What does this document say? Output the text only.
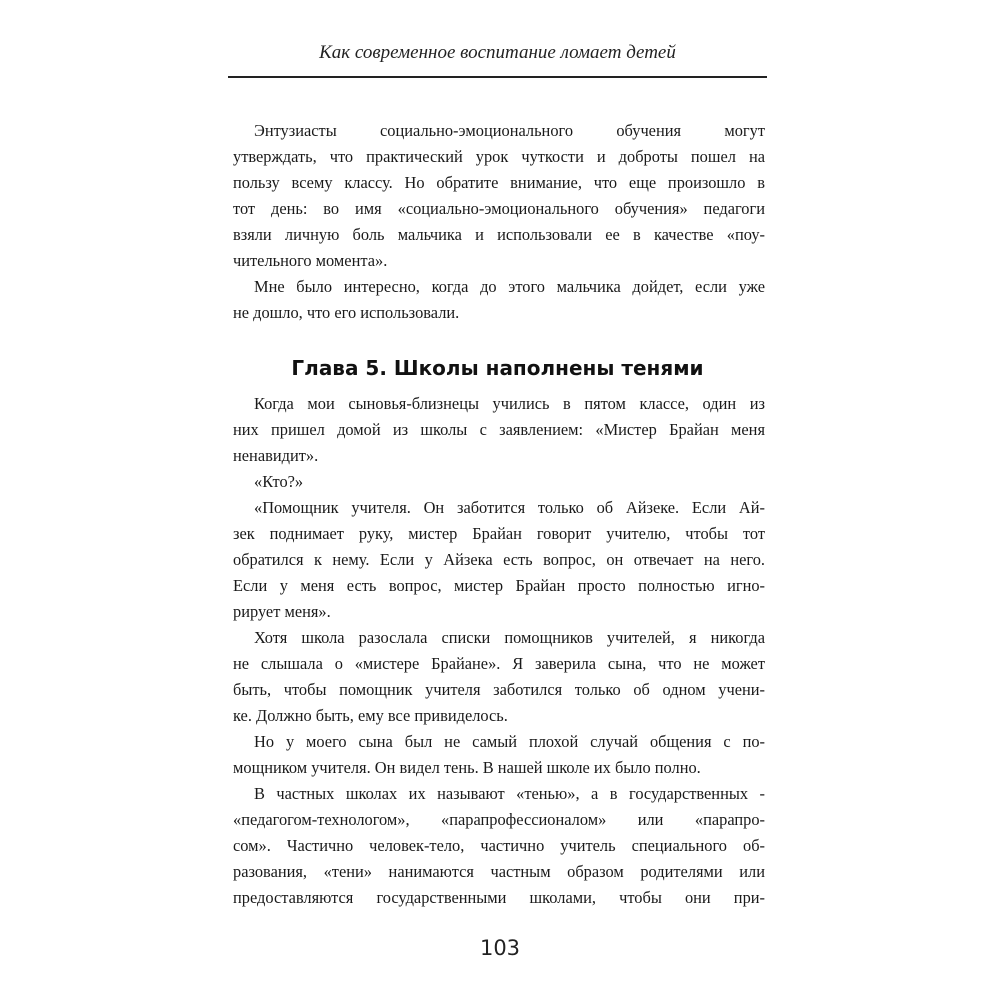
Как современное воспитание ломает детей
Энтузиасты социально-эмоционального обучения могут
утверждать, что практический урок чуткости и доброты пошел на
пользу всему классу. Но обратите внимание, что еще произошло в
тот день: во имя «социально-эмоционального обучения» педагоги
взяли личную боль мальчика и использовали ее в качестве «поу-
чительного момента».
Мне было интересно, когда до этого мальчика дойдет, если уже
не дошло, что его использовали.
Глава 5. Школы наполнены тенями
Когда мои сыновья-близнецы учились в пятом классе, один из
них пришел домой из школы с заявлением: «Мистер Брайан меня
ненавидит».
«Кто?»
«Помощник учителя. Он заботится только об Айзеке. Если Ай-
зек поднимает руку, мистер Брайан говорит учителю, чтобы тот
обратился к нему. Если у Айзека есть вопрос, он отвечает на него.
Если у меня есть вопрос, мистер Брайан просто полностью игно-
рирует меня».
Хотя школа разослала списки помощников учителей, я никогда
не слышала о «мистере Брайане». Я заверила сына, что не может
быть, чтобы помощник учителя заботился только об одном учени-
ке. Должно быть, ему все привиделось.
Но у моего сына был не самый плохой случай общения с по-
мощником учителя. Он видел тень. В нашей школе их было полно.
В частных школах их называют «тенью», а в государственных -
«педагогом-технологом», «парапрофессионалом» или «парапро-
сом». Частично человек-тело, частично учитель специального об-
разования, «тени» нанимаются частным образом родителями или
предоставляются государственными школами, чтобы они при-
103
